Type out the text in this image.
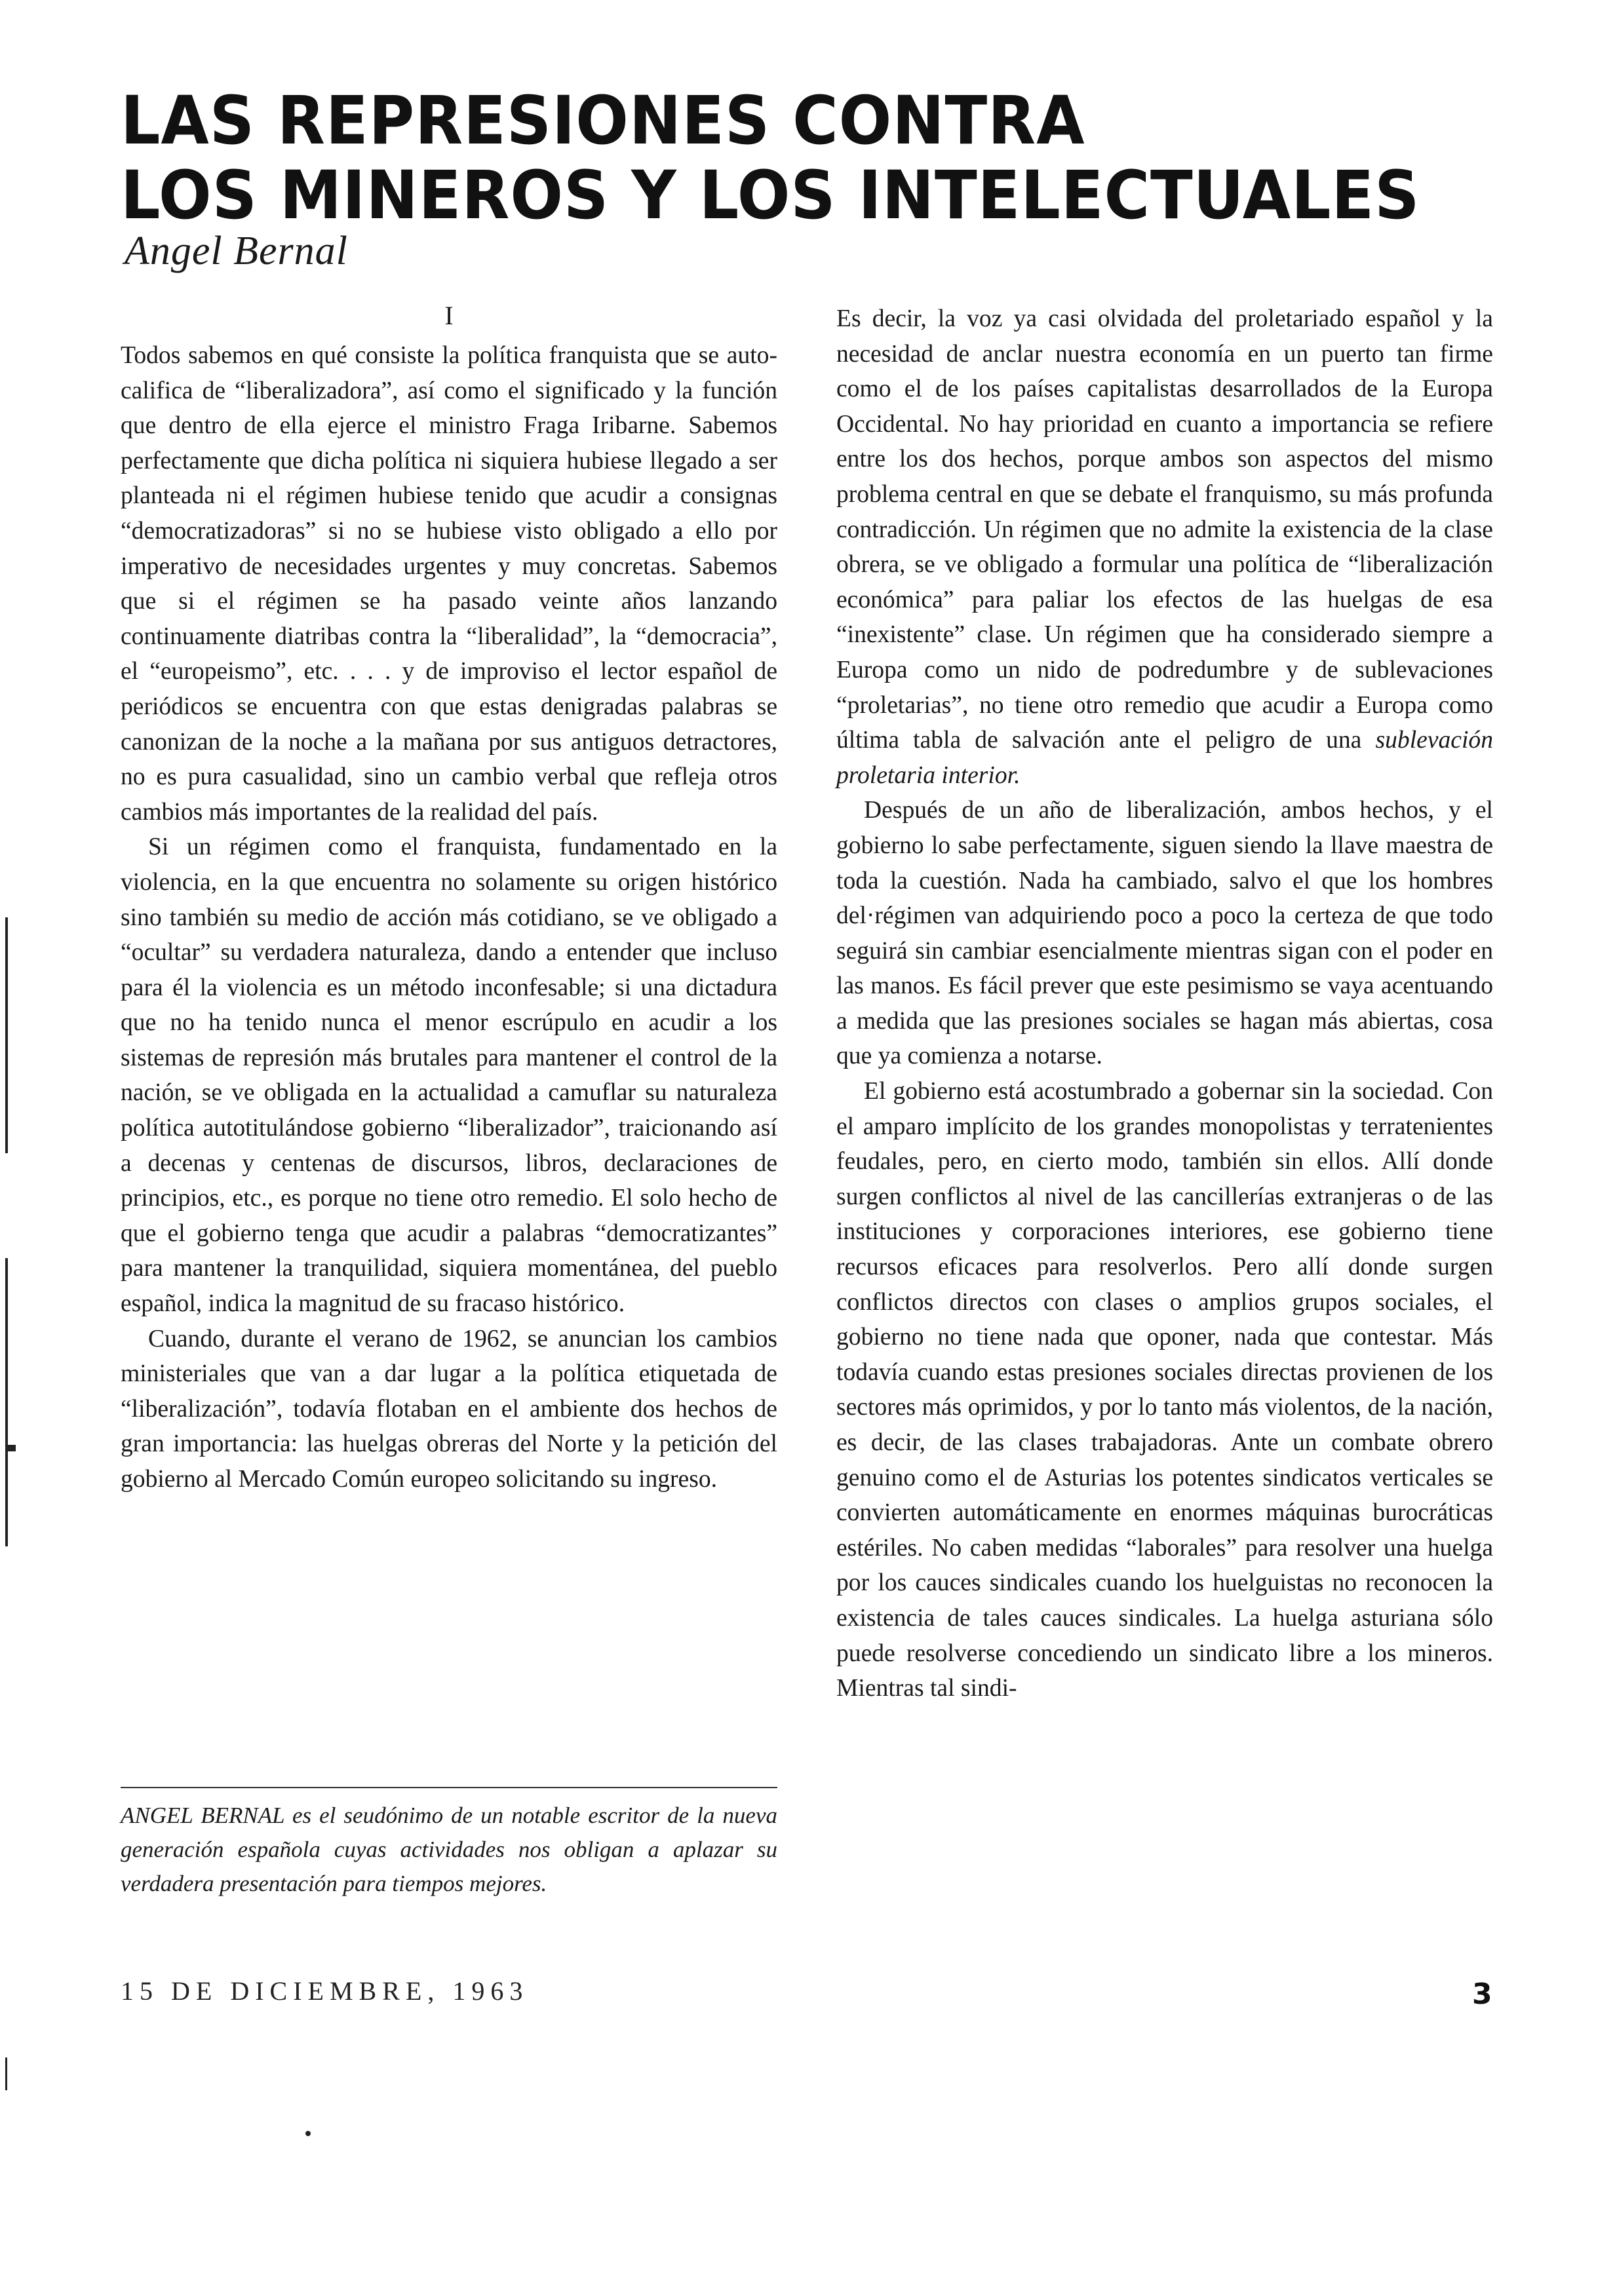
LAS REPRESIONES CONTRA
LOS MINEROS Y LOS INTELECTUALES
Angel Bernal
I

Todos sabemos en qué consiste la política franquista que se auto-califica de “liberalizadora”, así como el significado y la función que dentro de ella ejerce el ministro Fraga Iribarne. Sabemos perfectamente que dicha política ni siquiera hubiese llegado a ser planteada ni el régimen hubiese tenido que acudir a consignas “democratizadoras” si no se hubiese visto obligado a ello por imperativo de necesidades urgentes y muy concretas. Sabemos que si el régimen se ha pasado veinte años lanzando continuamente diatribas contra la “liberalidad”, la “democracia”, el “europeismo”, etc. . . . y de improviso el lector español de periódicos se encuentra con que estas denigradas palabras se canonizan de la noche a la mañana por sus antiguos detractores, no es pura casualidad, sino un cambio verbal que refleja otros cambios más importantes de la realidad del país.

Si un régimen como el franquista, fundamentado en la violencia, en la que encuentra no solamente su origen histórico sino también su medio de acción más cotidiano, se ve obligado a “ocultar” su verdadera naturaleza, dando a entender que incluso para él la violencia es un método inconfesable; si una dictadura que no ha tenido nunca el menor escrúpulo en acudir a los sistemas de represión más brutales para mantener el control de la nación, se ve obligada en la actualidad a camuflar su naturaleza política autotitulándose gobierno “liberalizador”, traicionando así a decenas y centenas de discursos, libros, declaraciones de principios, etc., es porque no tiene otro remedio. El solo hecho de que el gobierno tenga que acudir a palabras “democratizantes” para mantener la tranquilidad, siquiera momentánea, del pueblo español, indica la magnitud de su fracaso histórico.

Cuando, durante el verano de 1962, se anuncian los cambios ministeriales que van a dar lugar a la política etiquetada de “liberalización”, todavía flotaban en el ambiente dos hechos de gran importancia: las huelgas obreras del Norte y la petición del gobierno al Mercado Común europeo solicitando su ingreso.

ANGEL BERNAL es el seudónimo de un notable escritor de la nueva generación española cuyas actividades nos obligan a aplazar su verdadera presentación para tiempos mejores.

Es decir, la voz ya casi olvidada del proletariado español y la necesidad de anclar nuestra economía en un puerto tan firme como el de los países capitalistas desarrollados de la Europa Occidental. No hay prioridad en cuanto a importancia se refiere entre los dos hechos, porque ambos son aspectos del mismo problema central en que se debate el franquismo, su más profunda contradicción. Un régimen que no admite la existencia de la clase obrera, se ve obligado a formular una política de “liberalización económica” para paliar los efectos de las huelgas de esa “inexistente” clase. Un régimen que ha considerado siempre a Europa como un nido de podredumbre y de sublevaciones “proletarias”, no tiene otro remedio que acudir a Europa como última tabla de salvación ante el peligro de una sublevación proletaria interior.

Después de un año de liberalización, ambos hechos, y el gobierno lo sabe perfectamente, siguen siendo la llave maestra de toda la cuestión. Nada ha cambiado, salvo el que los hombres del·régimen van adquiriendo poco a poco la certeza de que todo seguirá sin cambiar esencialmente mientras sigan con el poder en las manos. Es fácil prever que este pesimismo se vaya acentuando a medida que las presiones sociales se hagan más abiertas, cosa que ya comienza a notarse.

El gobierno está acostumbrado a gobernar sin la sociedad. Con el amparo implícito de los grandes monopolistas y terratenientes feudales, pero, en cierto modo, también sin ellos. Allí donde surgen conflictos al nivel de las cancillerías extranjeras o de las instituciones y corporaciones interiores, ese gobierno tiene recursos eficaces para resolverlos. Pero allí donde surgen conflictos directos con clases o amplios grupos sociales, el gobierno no tiene nada que oponer, nada que contestar. Más todavía cuando estas presiones sociales directas provienen de los sectores más oprimidos, y por lo tanto más violentos, de la nación, es decir, de las clases trabajadoras. Ante un combate obrero genuino como el de Asturias los potentes sindicatos verticales se convierten automáticamente en enormes máquinas burocráticas estériles. No caben medidas “laborales” para resolver una huelga por los cauces sindicales cuando los huelguistas no reconocen la existencia de tales cauces sindicales. La huelga asturiana sólo puede resolverse concediendo un sindicato libre a los mineros. Mientras tal sindi-

15 DE DICIEMBRE, 1963	3
